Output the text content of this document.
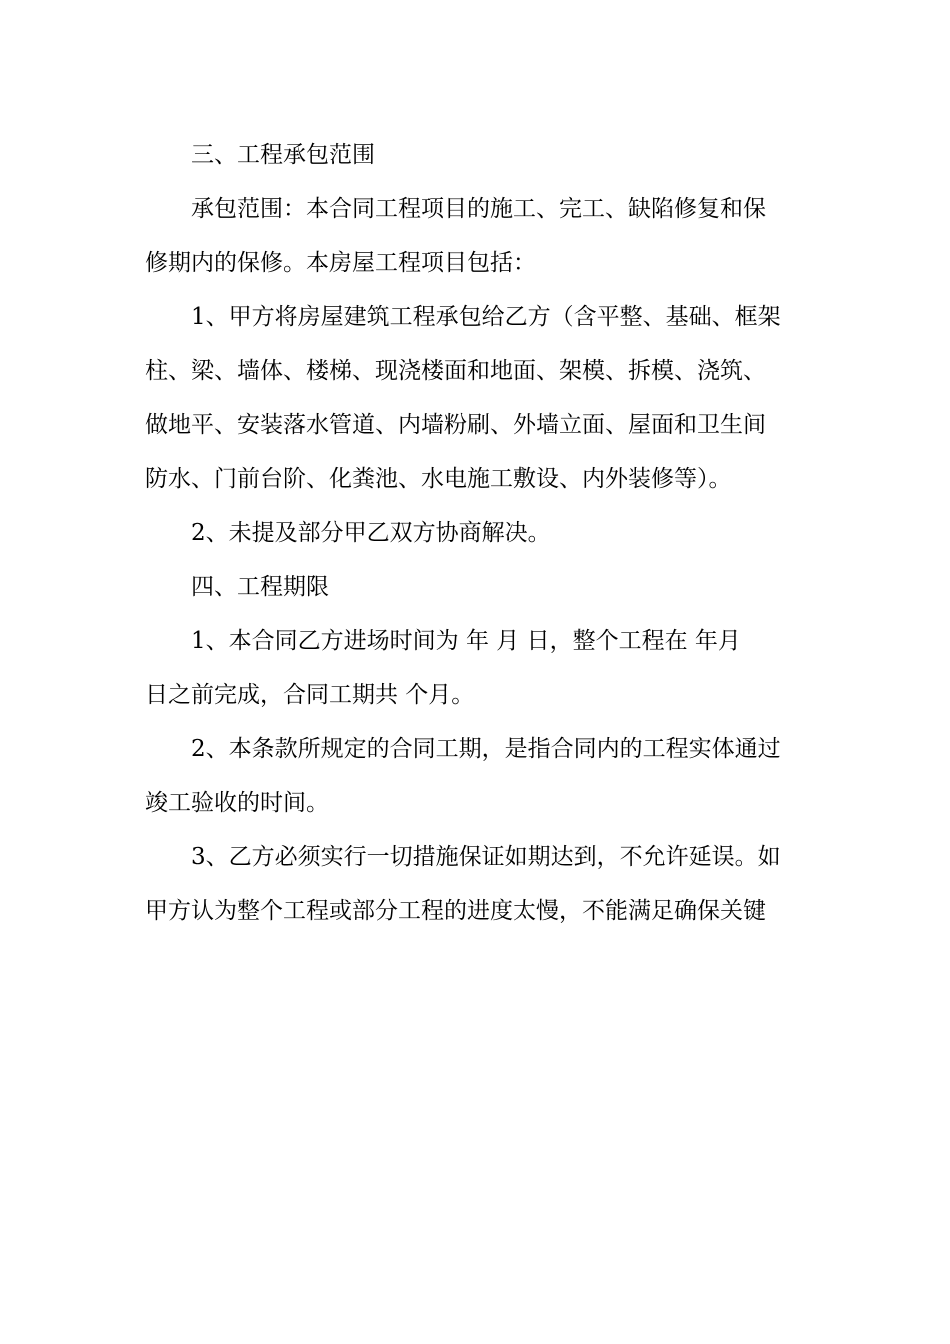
三、工程承包范围
承包范围：本合同工程项目的施工、完工、缺陷修复和保
修期内的保修。本房屋工程项目包括：
1、甲方将房屋建筑工程承包给乙方（含平整、基础、框架
柱、梁、墙体、楼梯、现浇楼面和地面、架模、拆模、浇筑、
做地平、安装落水管道、内墙粉刷、外墙立面、屋面和卫生间
防水、门前台阶、化粪池、水电施工敷设、内外装修等）。
2、未提及部分甲乙双方协商解决。
四、工程期限
1、本合同乙方进场时间为 年 月 日，整个工程在 年月
日之前完成，合同工期共 个月。
2、本条款所规定的合同工期，是指合同内的工程实体通过
竣工验收的时间。
3、乙方必须实行一切措施保证如期达到，不允许延误。如
甲方认为整个工程或部分工程的进度太慢，不能满足确保关键
